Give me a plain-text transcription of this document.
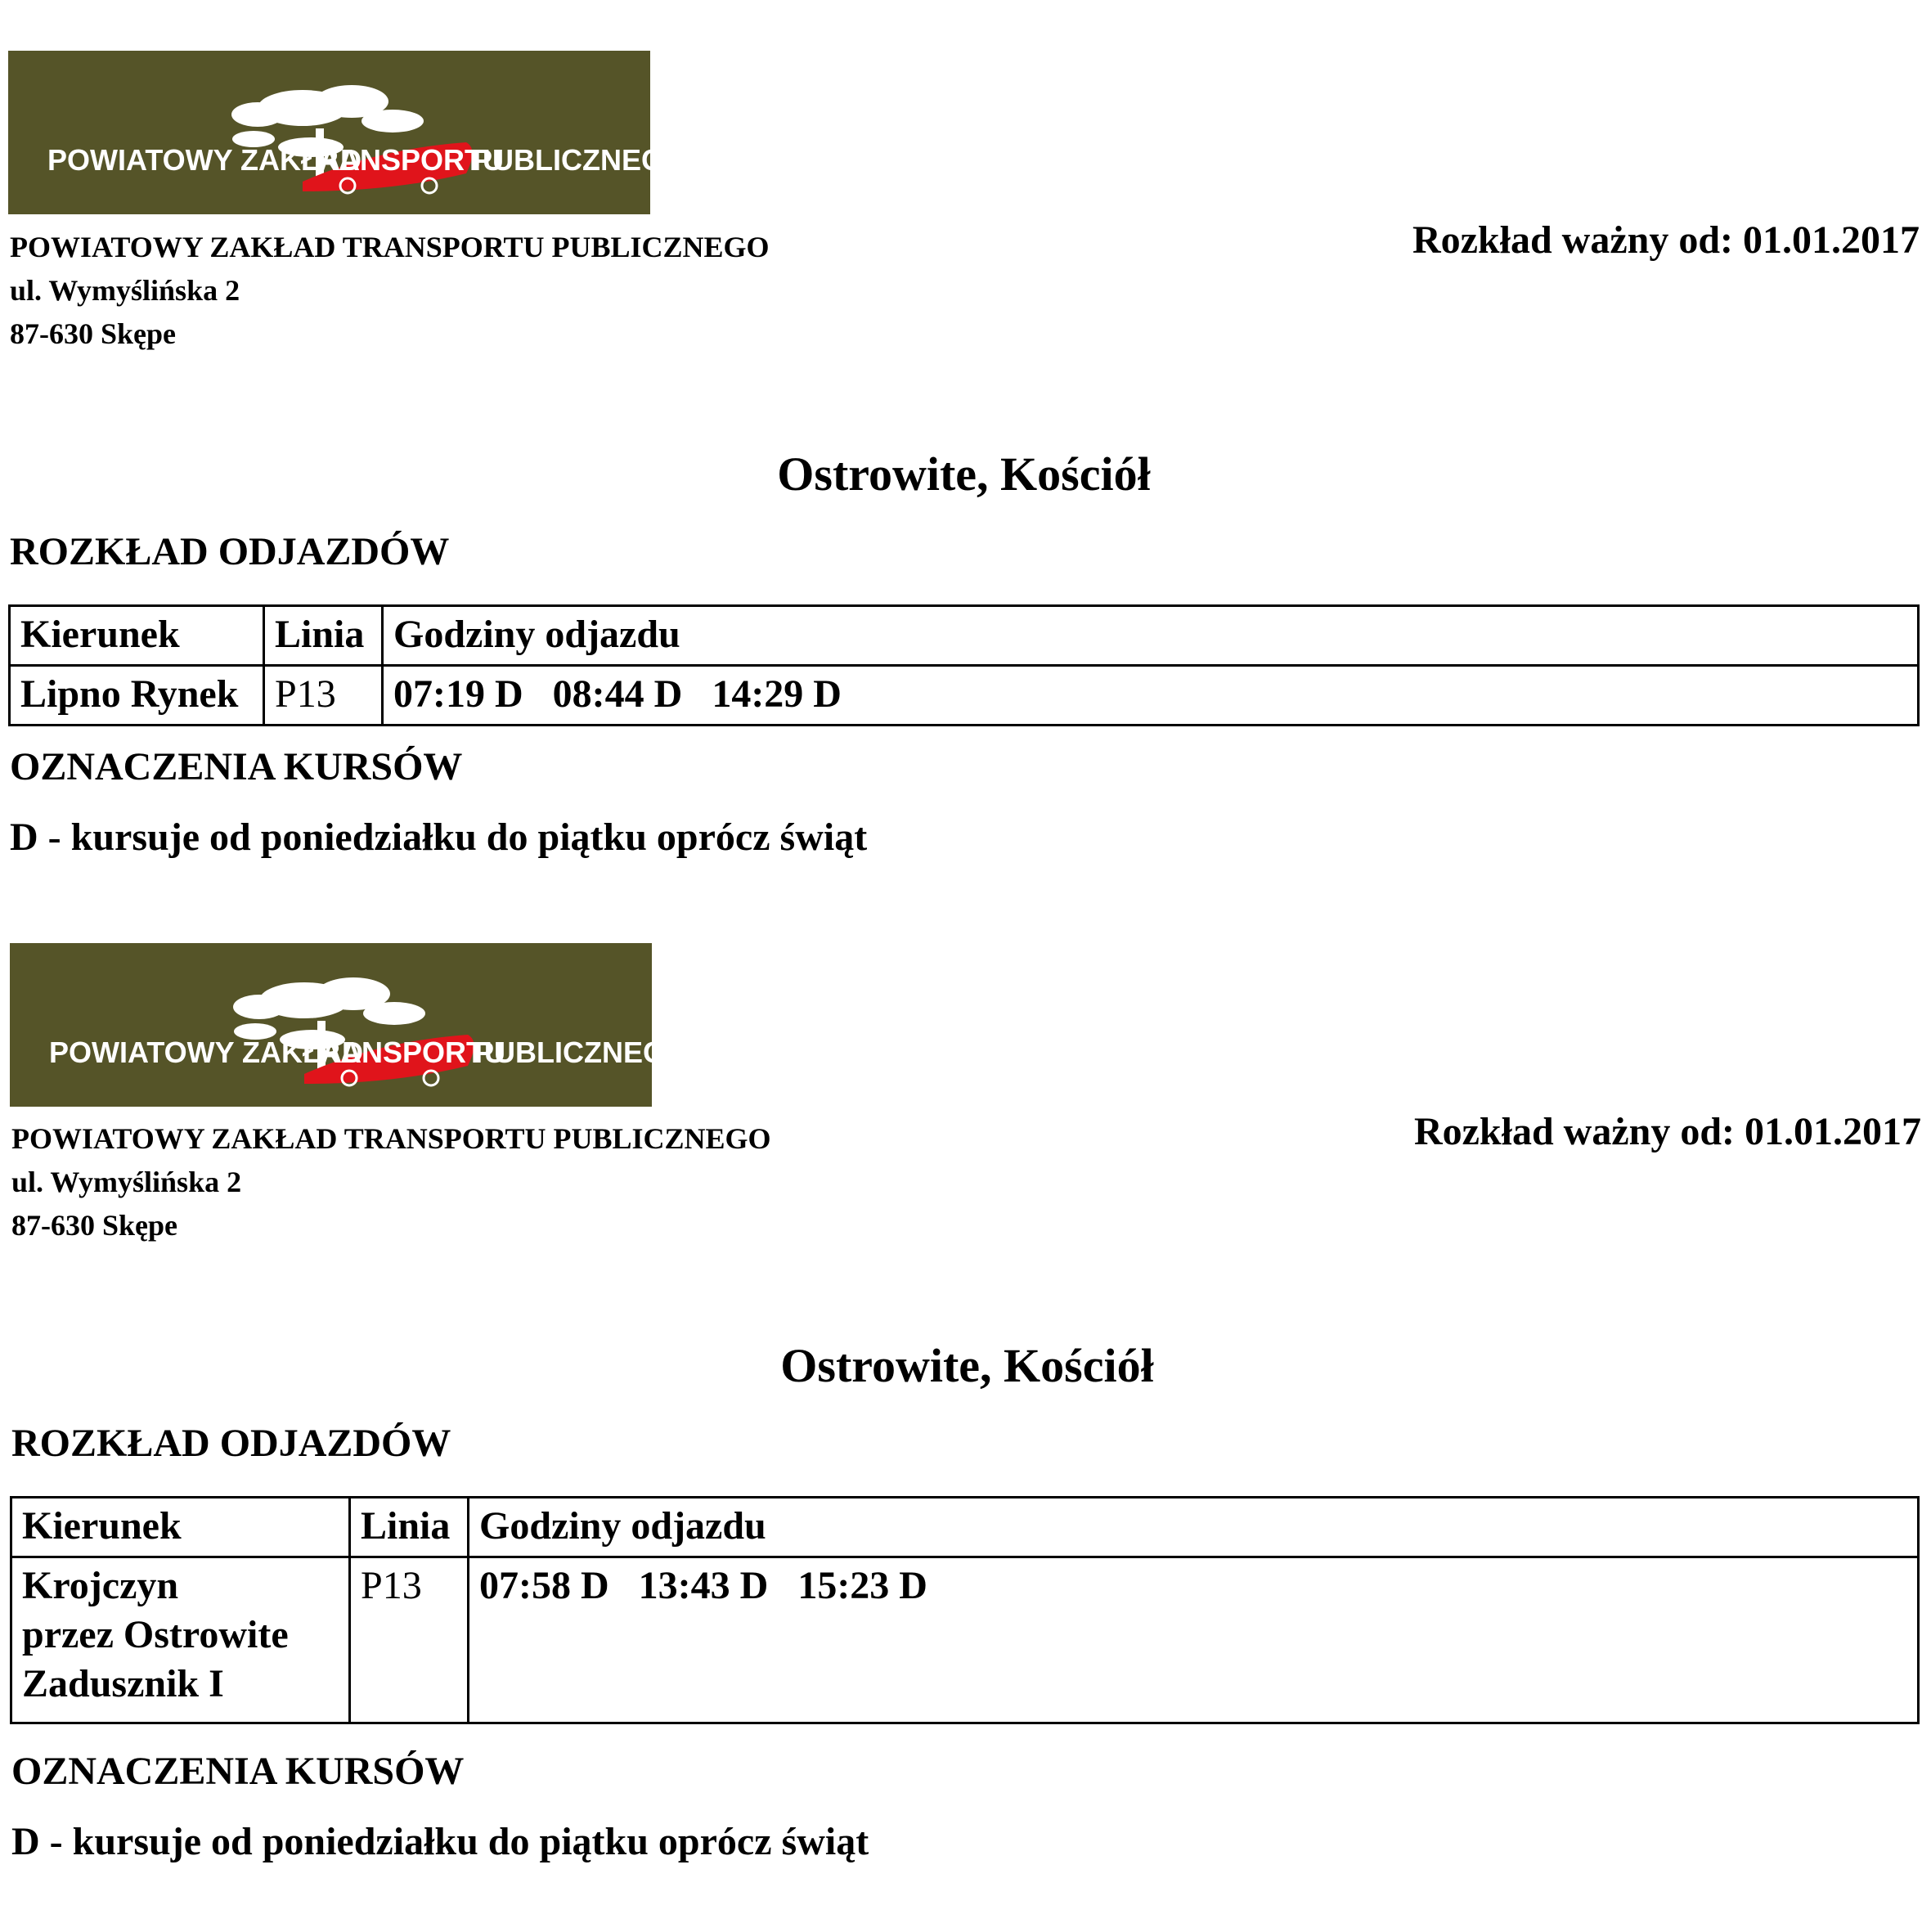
POWIATOWY ZAKŁAD
RANSPORTU
PUBLICZNEGO
POWIATOWY ZAKŁAD TRANSPORTU PUBLICZNEGO
ul. Wymyślińska 2
87-630 Skępe
Rozkład ważny od: 01.01.2017
Ostrowite, Kościół
ROZKŁAD ODJAZDÓW
Kierunek	Linia	Godziny odjazdu

Lipno Rynek	P13	07:19 D 08:44 D 14:29 D
OZNACZENIA KURSÓW
D - kursuje od poniedziałku do piątku oprócz świąt
POWIATOWY ZAKŁAD
RANSPORTU
PUBLICZNEGO
POWIATOWY ZAKŁAD TRANSPORTU PUBLICZNEGO
ul. Wymyślińska 2
87-630 Skępe
Rozkład ważny od: 01.01.2017
Ostrowite, Kościół
ROZKŁAD ODJAZDÓW
Kierunek	Linia	Godziny odjazdu

Krojczyn
przez Ostrowite
Zadusznik I	P13	07:58 D 13:43 D 15:23 D
OZNACZENIA KURSÓW
D - kursuje od poniedziałku do piątku oprócz świąt
